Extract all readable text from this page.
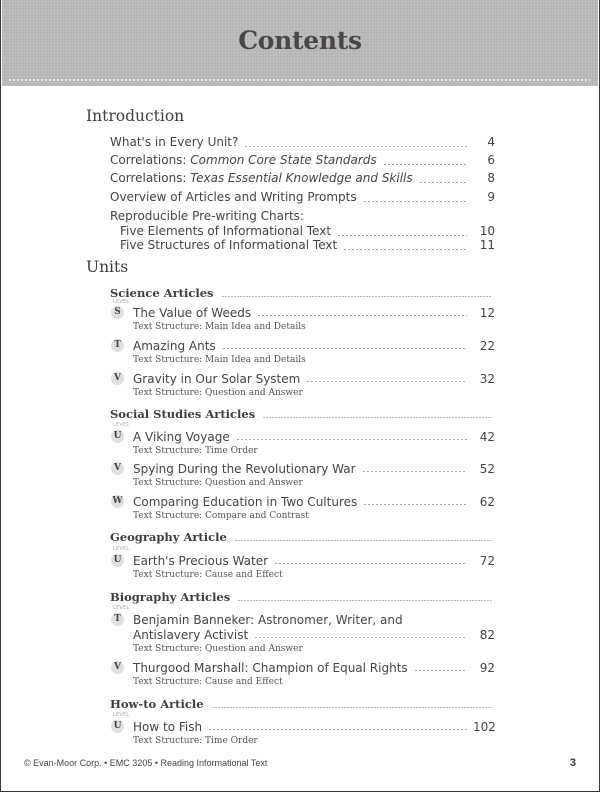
Contents
Introduction
What's in Every Unit?	4
Correlations: Common Core State Standards	6
Correlations: Texas Essential Knowledge and Skills	8
Overview of Articles and Writing Prompts	9
Reproducible Pre-writing Charts:
Five Elements of Informational Text	10
Five Structures of Informational Text	11
Units
Science Articles
LEVEL
S The Value of Weeds	12
Text Structure: Main Idea and Details
T Amazing Ants	22
Text Structure: Main Idea and Details
V Gravity in Our Solar System	32
Text Structure: Question and Answer
Social Studies Articles
LEVEL
U A Viking Voyage	42
Text Structure: Time Order
V Spying During the Revolutionary War	52
Text Structure: Question and Answer
W Comparing Education in Two Cultures	62
Text Structure: Compare and Contrast
Geography Article
LEVEL
U Earth's Precious Water	72
Text Structure: Cause and Effect
Biography Articles
LEVEL
T Benjamin Banneker: Astronomer, Writer, and
Antislavery Activist	82
Text Structure: Question and Answer
V Thurgood Marshall: Champion of Equal Rights	92
Text Structure: Cause and Effect
How-to Article
LEVEL
U How to Fish	102
Text Structure: Time Order
© Evan-Moor Corp. • EMC 3205 • Reading Informational Text	3
